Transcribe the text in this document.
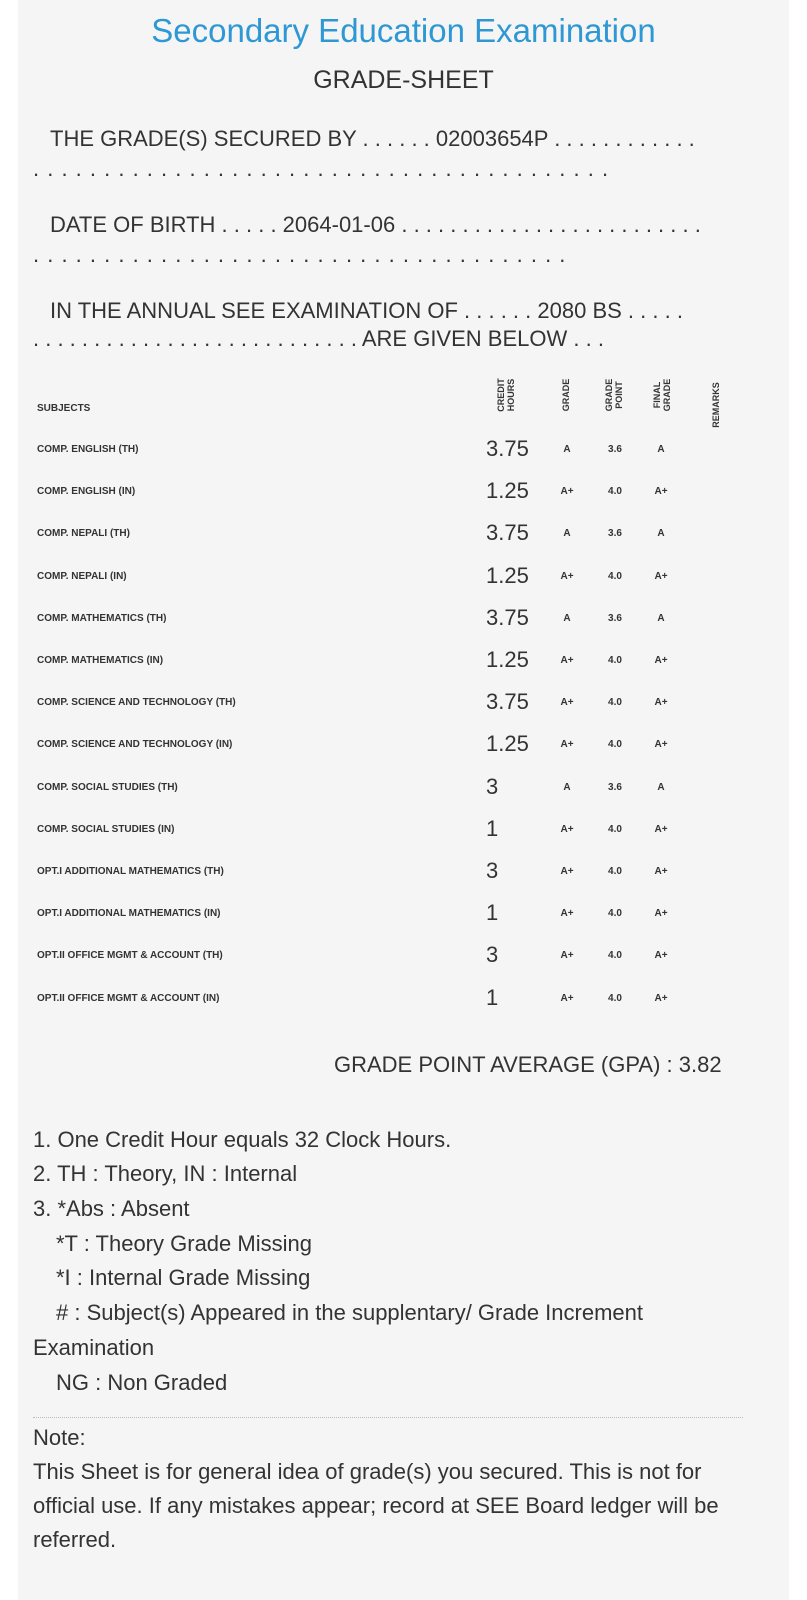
Secondary Education Examination
GRADE-SHEET
THE GRADE(S) SECURED BY . . . . . . 02003654P . . . . . . . . . . . .
. . . . . . . . . . . . . . . . . . . . . . . . . . . . . . . . . . . . . . . . .
DATE OF BIRTH . . . . . 2064-01-06 . . . . . . . . . . . . . . . . . . . . . . . . .
. . . . . . . . . . . . . . . . . . . . . . . . . . . . . . . . . . . . . .
IN THE ANNUAL SEE EXAMINATION OF . . . . . . 2080 BS . . . . .
. . . . . . . . . . . . . . . . . . . . . . . . . . . ARE GIVEN BELOW . . .
SUBJECTS	CREDIT HOURS	GRADE	GRADE POINT	FINAL GRADE	REMARKS
COMP. ENGLISH (TH)	3.75	A	3.6	A
COMP. ENGLISH (IN)	1.25	A+	4.0	A+
COMP. NEPALI (TH)	3.75	A	3.6	A
COMP. NEPALI (IN)	1.25	A+	4.0	A+
COMP. MATHEMATICS (TH)	3.75	A	3.6	A
COMP. MATHEMATICS (IN)	1.25	A+	4.0	A+
COMP. SCIENCE AND TECHNOLOGY (TH)	3.75	A+	4.0	A+
COMP. SCIENCE AND TECHNOLOGY (IN)	1.25	A+	4.0	A+
COMP. SOCIAL STUDIES (TH)	3	A	3.6	A
COMP. SOCIAL STUDIES (IN)	1	A+	4.0	A+
OPT.I ADDITIONAL MATHEMATICS (TH)	3	A+	4.0	A+
OPT.I ADDITIONAL MATHEMATICS (IN)	1	A+	4.0	A+
OPT.II OFFICE MGMT & ACCOUNT (TH)	3	A+	4.0	A+
OPT.II OFFICE MGMT & ACCOUNT (IN)	1	A+	4.0	A+
GRADE POINT AVERAGE (GPA) : 3.82
1. One Credit Hour equals 32 Clock Hours.
2. TH : Theory, IN : Internal
3. *Abs : Absent
*T : Theory Grade Missing
*I : Internal Grade Missing
# : Subject(s) Appeared in the supplentary/ Grade Increment
Examination
NG : Non Graded
Note:
This Sheet is for general idea of grade(s) you secured. This is not for official use. If any mistakes appear; record at SEE Board ledger will be referred.
